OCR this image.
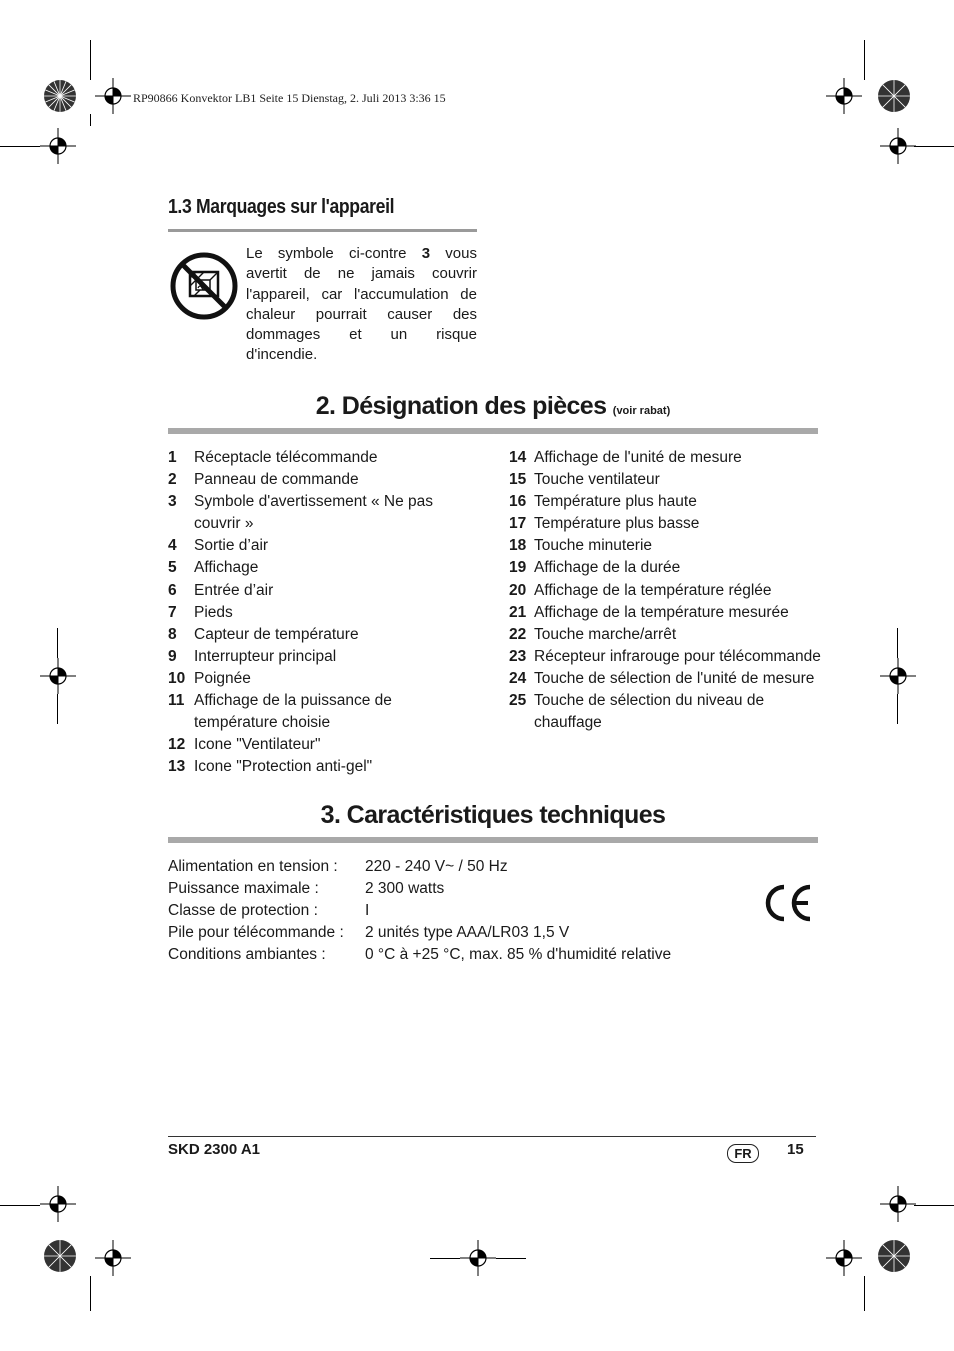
RP90866 Konvektor LB1 Seite 15 Dienstag, 2. Juli 2013 3:36 15
1.3 Marquages sur l'appareil
Le symbole ci-contre 3 vous avertit de ne jamais couvrir l'appareil, car l'accumulation de chaleur pourrait causer des dommages et un risque d'incendie.
2. Désignation des pièces (voir rabat)
1 Réceptacle télécommande
2 Panneau de commande
3 Symbole d'avertissement « Ne pas couvrir »
4 Sortie d’air
5 Affichage
6 Entrée d’air
7 Pieds
8 Capteur de température
9 Interrupteur principal
10 Poignée
11 Affichage de la puissance de température choisie
12 Icone "Ventilateur"
13 Icone "Protection anti-gel"
14 Affichage de l'unité de mesure
15 Touche ventilateur
16 Température plus haute
17 Température plus basse
18 Touche minuterie
19 Affichage de la durée
20 Affichage de la température réglée
21 Affichage de la température mesurée
22 Touche marche/arrêt
23 Récepteur infrarouge pour télécommande
24 Touche de sélection de l'unité de mesure
25 Touche de sélection du niveau de chauffage
3. Caractéristiques techniques
Alimentation en tension : 220 - 240 V~ / 50 Hz
Puissance maximale :	2 300 watts
Classe de protection :	I
Pile pour télécommande : 2 unités type AAA/LR03 1,5 V
Conditions ambiantes :	0 °C à +25 °C, max. 85 % d'humidité relative
SKD 2300 A1	FR	15
